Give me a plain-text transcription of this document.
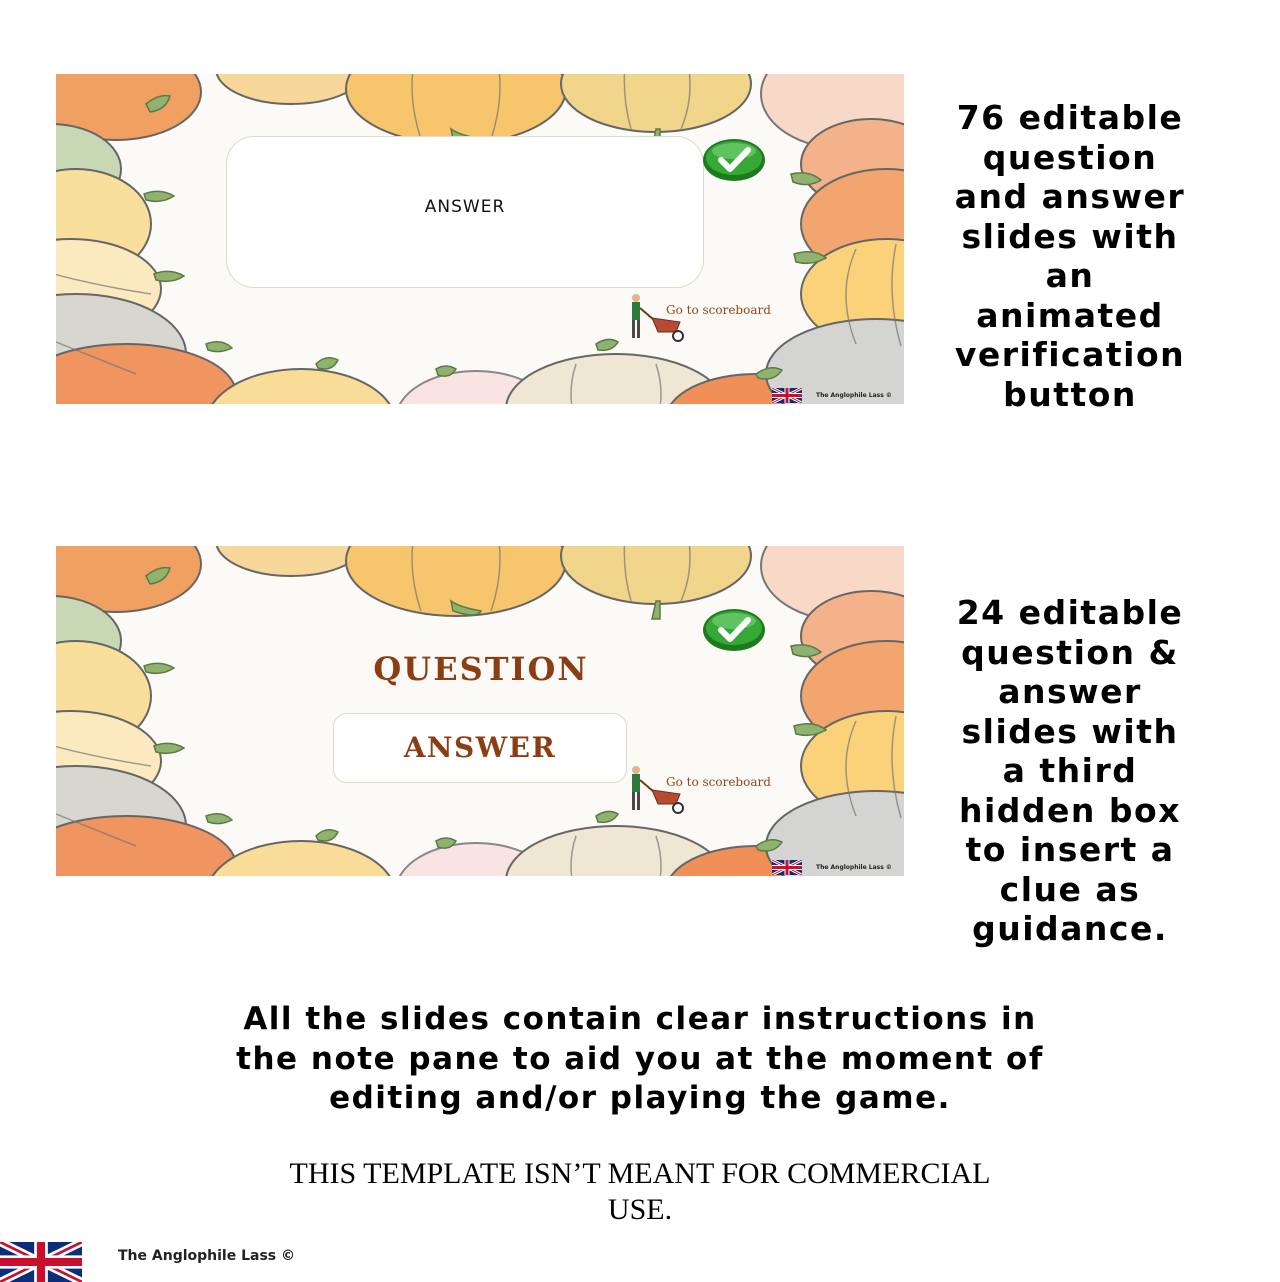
ANSWER
Go to scoreboard
The Anglophile Lass ©
76 editable
question
and answer
slides with
an
animated
verification
button
QUESTION
ANSWER
Go to scoreboard
The Anglophile Lass ©
24 editable
question &
answer
slides with
a third
hidden box
to insert a
clue as
guidance.
All the slides contain clear instructions in
the note pane to aid you at the moment of
editing and/or playing the game.
THIS TEMPLATE ISN’T MEANT FOR COMMERCIAL
USE.
The Anglophile Lass ©
